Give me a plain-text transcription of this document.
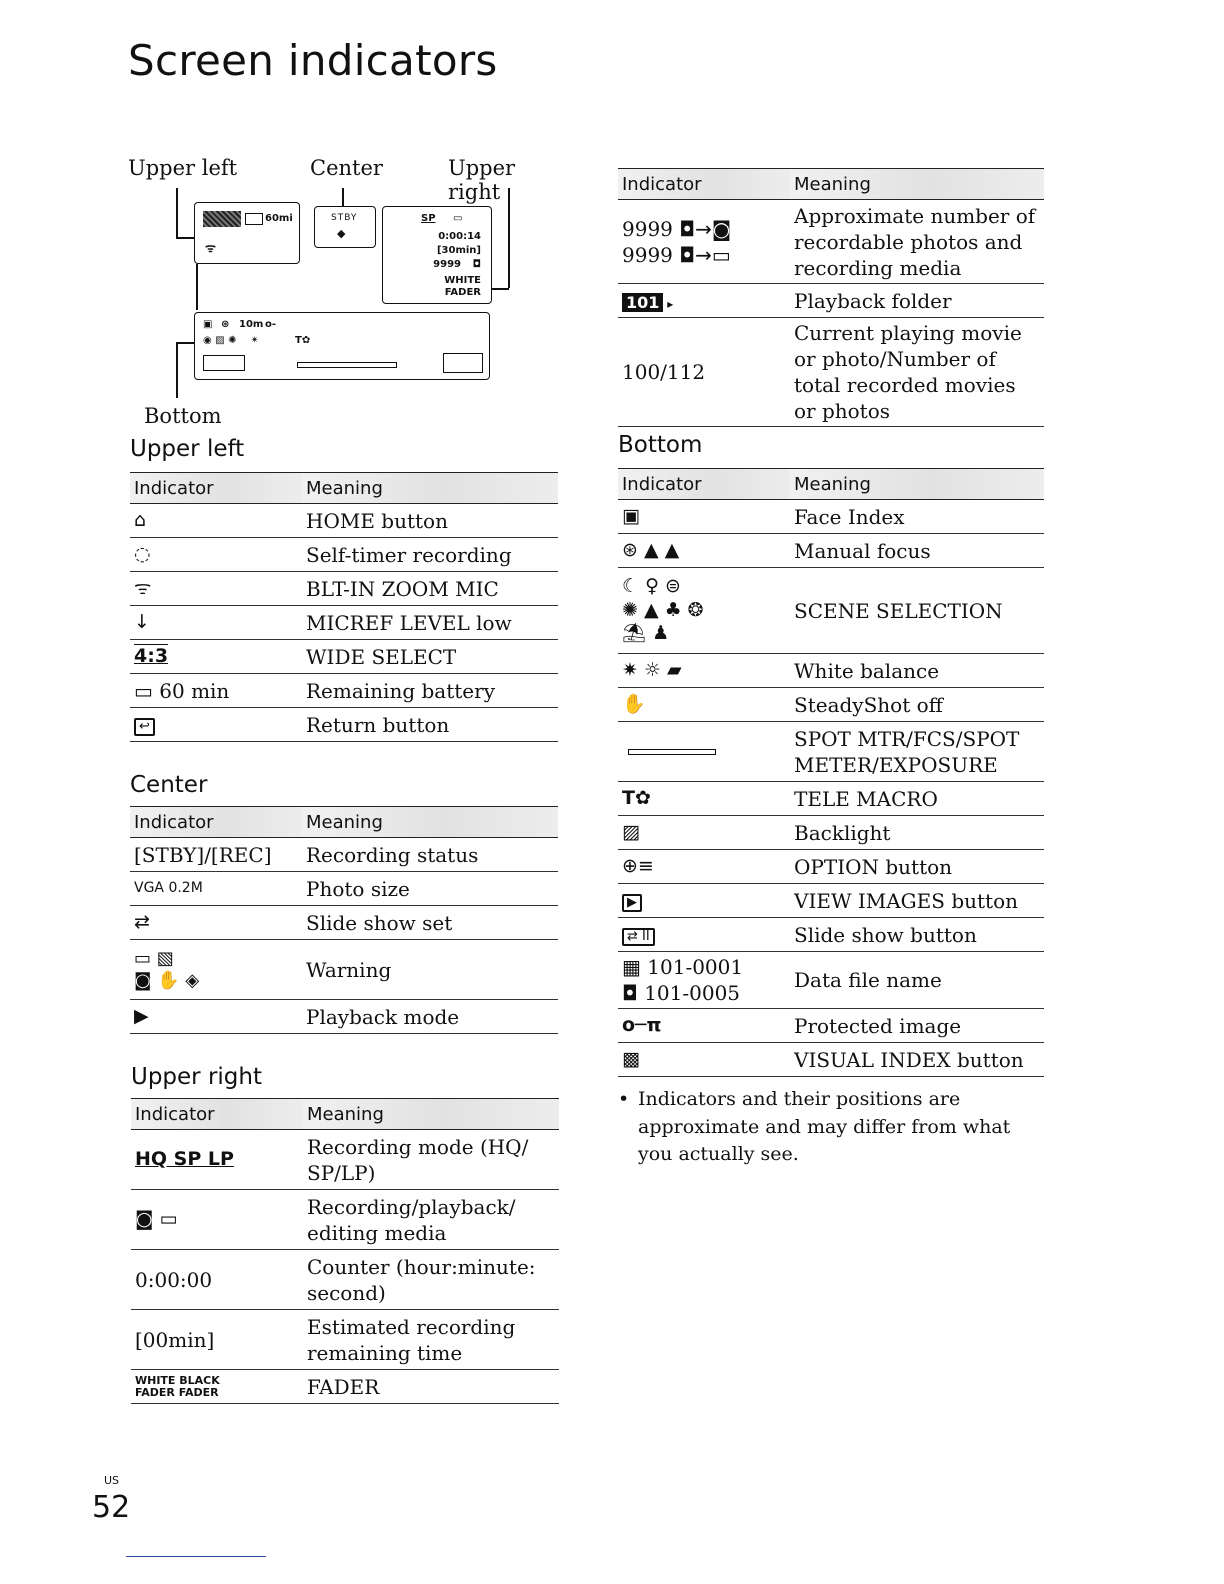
Screen indicators
Upper left	Center	Upper right
60mi
ᯤ
STBY
◆
SP ▭
0:00:14
[30min]
9999 ◘
WHITE
FADER
▣ ⊛ 10m o-
◉ ▨ ✺    ✴	T✿
Bottom
Upper left
Indicator	Meaning
⌂	HOME button
◌	Self-timer recording
ᯤ	BLT-IN ZOOM MIC
↓	MICREF LEVEL low
4:3	WIDE SELECT
▭ 60 min	Remaining battery
↩	Return button
Center
Indicator	Meaning
[STBY]/[REC]	Recording status
VGA 0.2M	Photo size
⇄	Slide show set
▭ ▧
◙ ✋ ◈	Warning
▶	Playback mode
Upper right
Indicator	Meaning
HQ SP LP	Recording mode (HQ/ SP/LP)
◙ ▭	Recording/playback/ editing media
0:00:00	Counter (hour:minute: second)
[00min]	Estimated recording remaining time
WHITE BLACK FADER FADER	FADER
Indicator	Meaning
9999 ◘→◙
9999 ◘→▭	Approximate number of recordable photos and recording media
101 ▸	Playback folder
100/112	Current playing movie or photo/Number of total recorded movies or photos
Bottom
Indicator	Meaning
▣	Face Index
⊛ ▲ ▲	Manual focus
☾ ♀ ⊜
✺ ▲ ♣ ❂
⛱ ♟	SCENE SELECTION
✷ ☼ ▰	White balance
✋	SteadyShot off
	SPOT MTR/FCS/SPOT METER/EXPOSURE
T✿	TELE MACRO
▨	Backlight
⊕≡	OPTION button
▶	VIEW IMAGES button
⇄ II	Slide show button
▦ 101-0001
◘ 101-0005	Data file name
o─π	Protected image
▩	VISUAL INDEX button
• Indicators and their positions are approximate and may differ from what you actually see.
US
52
